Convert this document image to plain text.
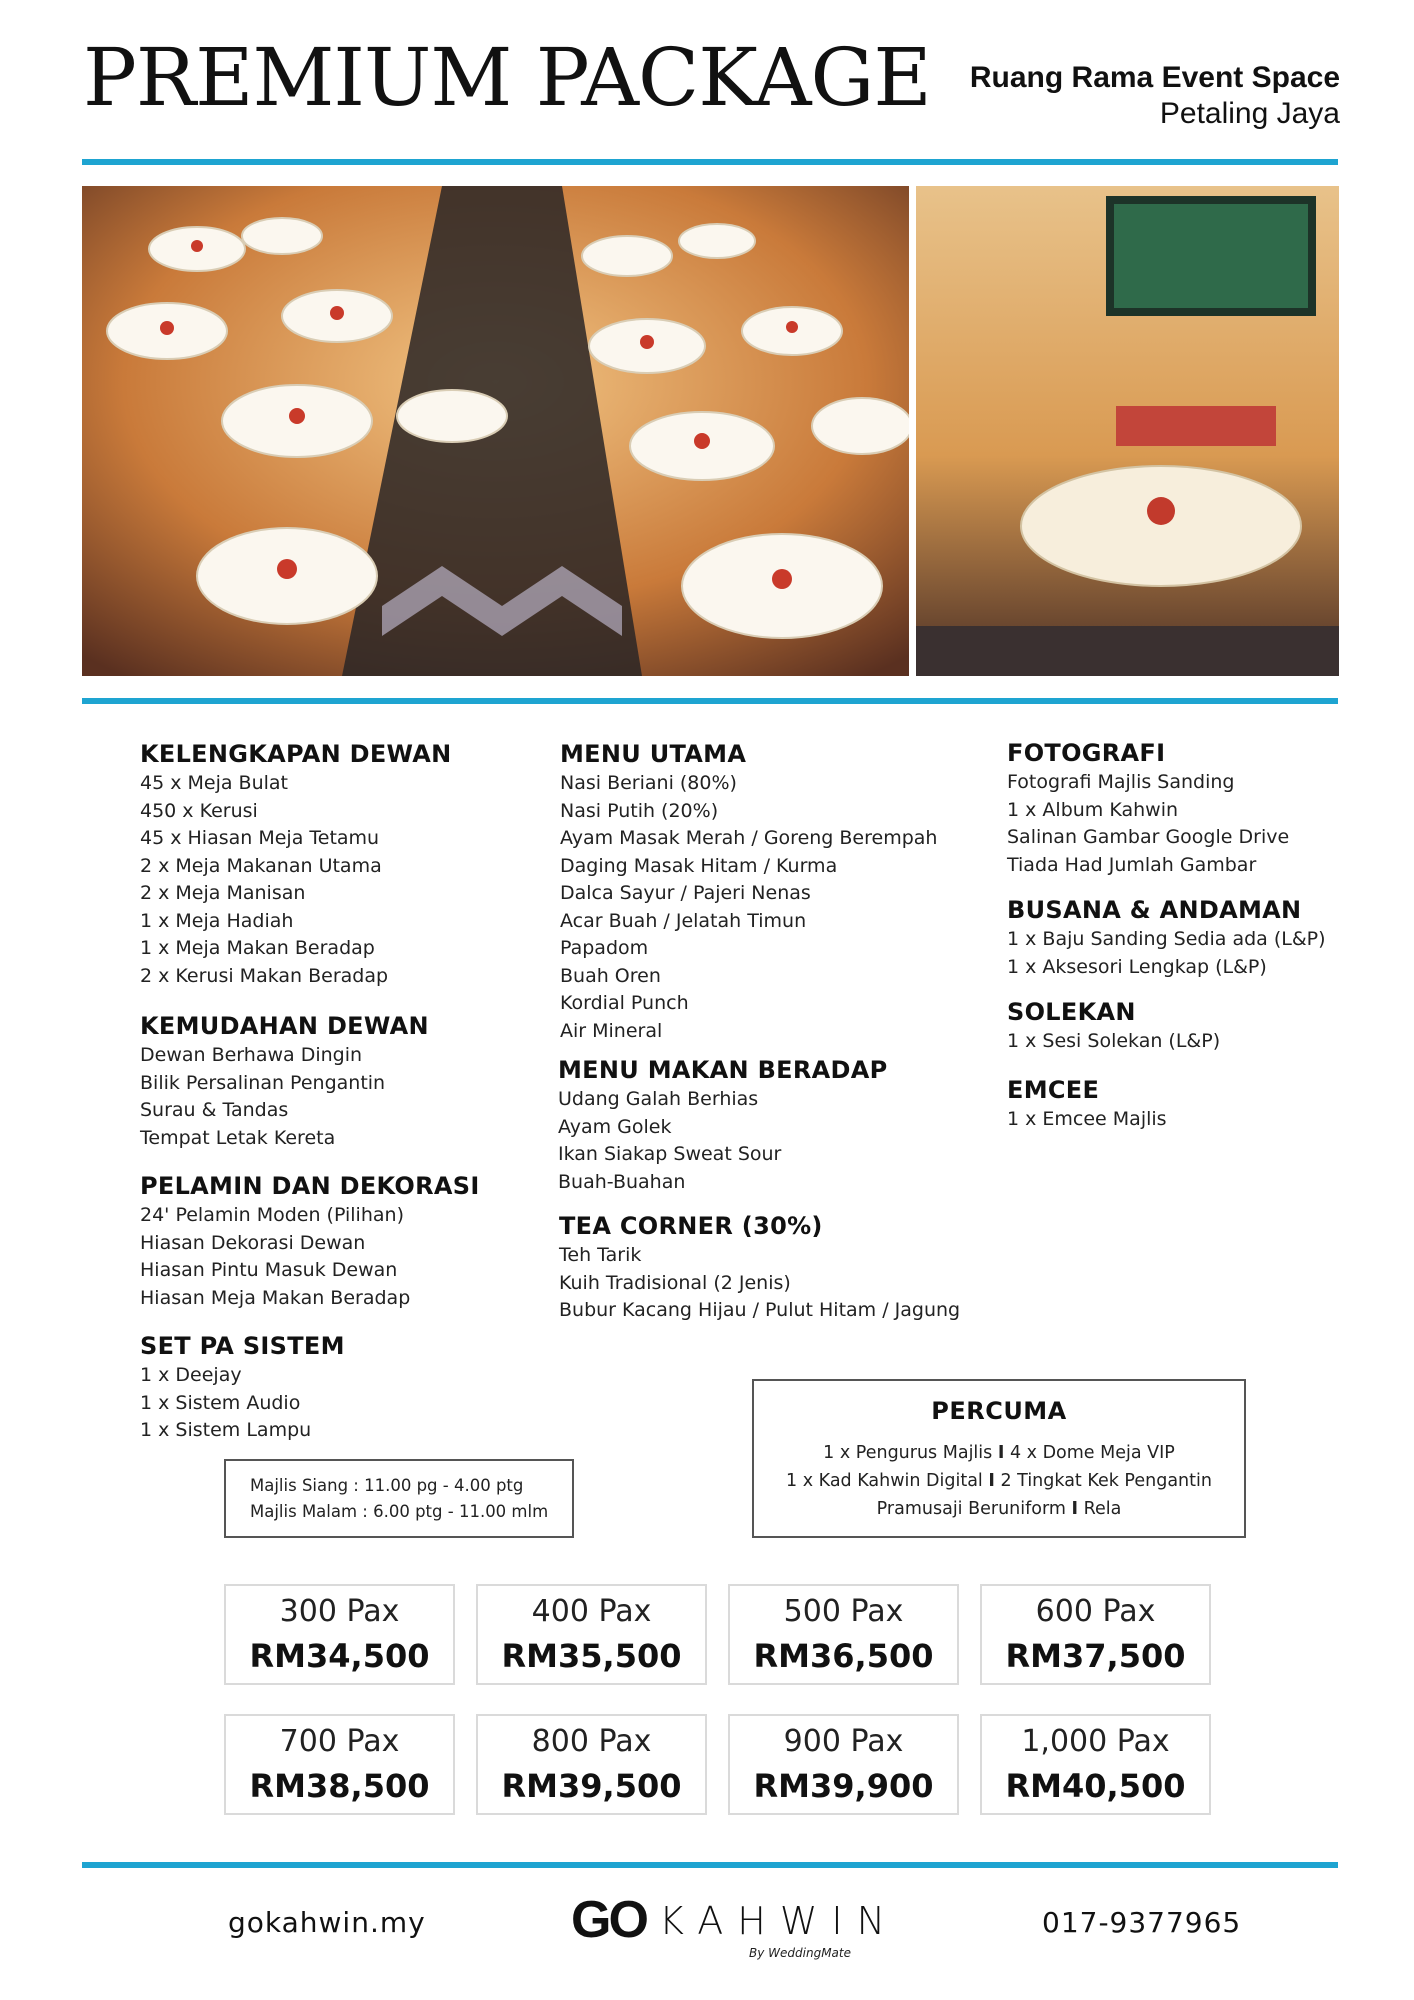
PREMIUM PACKAGE Ruang Rama Event Space
Petaling Jaya
KELENGKAPAN DEWAN
45 x Meja Bulat
450 x Kerusi
45 x Hiasan Meja Tetamu
2 x Meja Makanan Utama
2 x Meja Manisan
1 x Meja Hadiah
1 x Meja Makan Beradap
2 x Kerusi Makan Beradap
KEMUDAHAN DEWAN
Dewan Berhawa Dingin
Bilik Persalinan Pengantin
Surau & Tandas
Tempat Letak Kereta
PELAMIN DAN DEKORASI
24' Pelamin Moden (Pilihan)
Hiasan Dekorasi Dewan
Hiasan Pintu Masuk Dewan
Hiasan Meja Makan Beradap
SET PA SISTEM
1 x Deejay
1 x Sistem Audio
1 x Sistem Lampu
MENU UTAMA
Nasi Beriani (80%)
Nasi Putih (20%)
Ayam Masak Merah / Goreng Berempah
Daging Masak Hitam / Kurma
Dalca Sayur / Pajeri Nenas
Acar Buah / Jelatah Timun
Papadom
Buah Oren
Kordial Punch
Air Mineral
MENU MAKAN BERADAP
Udang Galah Berhias
Ayam Golek
Ikan Siakap Sweat Sour
Buah-Buahan
TEA CORNER (30%)
Teh Tarik
Kuih Tradisional (2 Jenis)
Bubur Kacang Hijau / Pulut Hitam / Jagung
FOTOGRAFI
Fotografi Majlis Sanding
1 x Album Kahwin
Salinan Gambar Google Drive
Tiada Had Jumlah Gambar
BUSANA & ANDAMAN
1 x Baju Sanding Sedia ada (L&P)
1 x Aksesori Lengkap (L&P)
SOLEKAN
1 x Sesi Solekan (L&P)
EMCEE
1 x Emcee Majlis
Majlis Siang : 11.00 pg - 4.00 ptg
Majlis Malam : 6.00 ptg - 11.00 mlm
PERCUMA
1 x Pengurus Majlis I 4 x Dome Meja VIP
1 x Kad Kahwin Digital I 2 Tingkat Kek Pengantin
Pramusaji Beruniform I Rela
300 Pax
RM34,500
400 Pax
RM35,500
500 Pax
RM36,500
600 Pax
RM37,500
700 Pax
RM38,500
800 Pax
RM39,500
900 Pax
RM39,900
1,000 Pax
RM40,500
gokahwin.my	GO KAHWIN
By WeddingMate
017-9377965
